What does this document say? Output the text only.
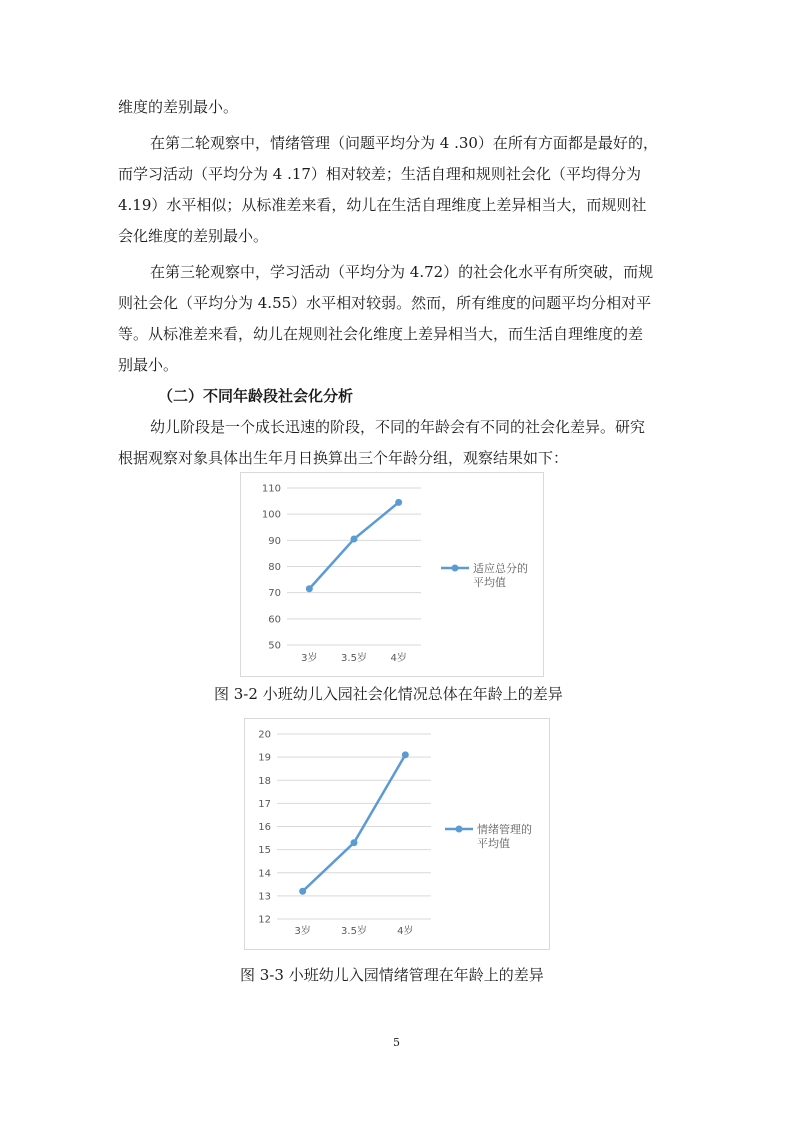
维度的差别最小。
在第二轮观察中，情绪管理（问题平均分为 4 .30）在所有方面都是最好的，
而学习活动（平均分为 4 .17）相对较差；生活自理和规则社会化（平均得分为
4.19）水平相似；从标准差来看，幼儿在生活自理维度上差异相当大，而规则社
会化维度的差别最小。
在第三轮观察中，学习活动（平均分为 4.72）的社会化水平有所突破，而规
则社会化（平均分为 4.55）水平相对较弱。然而，所有维度的问题平均分相对平
等。从标准差来看，幼儿在规则社会化维度上差异相当大，而生活自理维度的差
别最小。
（二）不同年龄段社会化分析
幼儿阶段是一个成长迅速的阶段，不同的年龄会有不同的社会化差异。研究
根据观察对象具体出生年月日换算出三个年龄分组，观察结果如下：
50
60
70
80
90
100
110
3岁 3.5岁 4岁
适应总分的
平均值
图 3-2 小班幼儿入园社会化情况总体在年龄上的差异
12
13
14
15
16
17
18
19
20
3岁	3.5岁	4岁
情绪管理的
平均值
图 3-3 小班幼儿入园情绪管理在年龄上的差异
5
